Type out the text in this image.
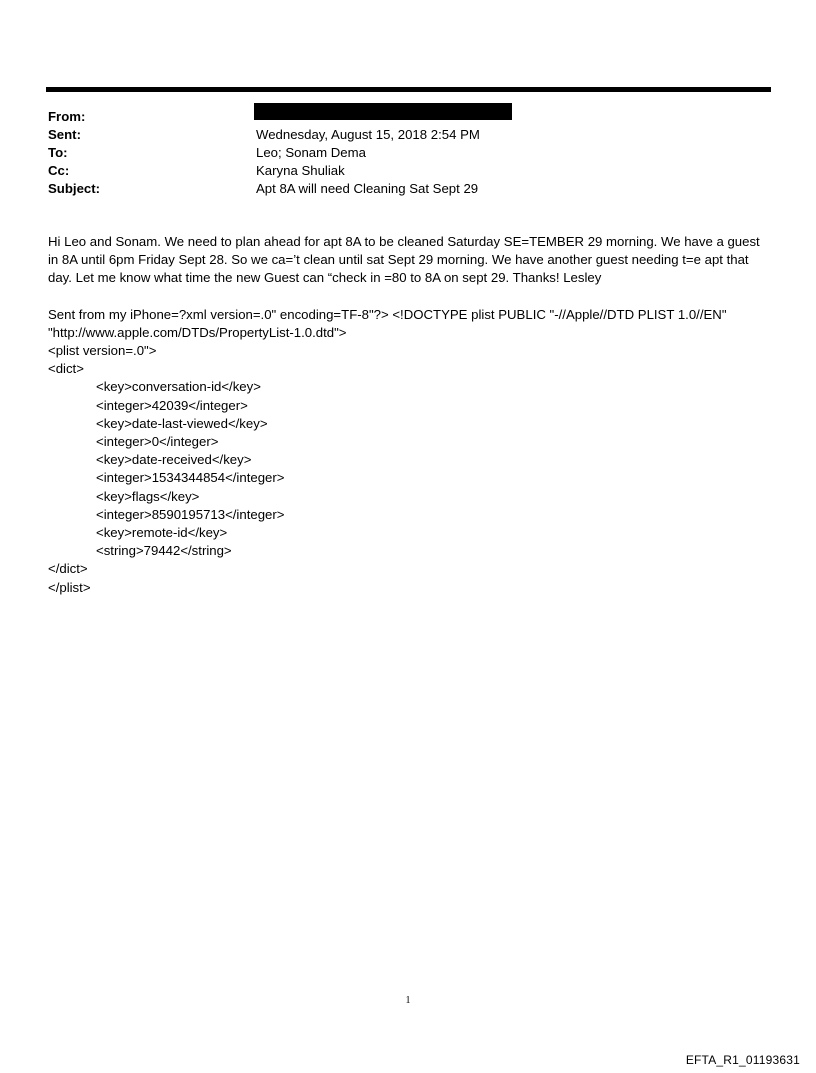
From:
Sent:	Wednesday, August 15, 2018 2:54 PM
To:	Leo; Sonam Dema
Cc:	Karyna Shuliak
Subject:	Apt 8A will need Cleaning Sat Sept 29

Hi Leo and Sonam. We need to plan ahead for apt 8A to be cleaned Saturday SE=TEMBER 29 morning. We have a guest

in 8A until 6pm Friday Sept 28. So we ca=’t clean until sat Sept 29 morning. We have another guest needing t=e apt that

day. Let me know what time the new Guest can “check in =80 to 8A on sept 29. Thanks! Lesley

Sent from my iPhone=?xml version=.0" encoding=TF-8"?> <!DOCTYPE plist PUBLIC "-//Apple//DTD PLIST 1.0//EN"

"http://www.apple.com/DTDs/PropertyList-1.0.dtd">

<plist version=.0">
<dict>
<key>conversation-id</key>
<integer>42039</integer>
<key>date-last-viewed</key>
<integer>0</integer>
<key>date-received</key>
<integer>1534344854</integer>
<key>flags</key>
<integer>8590195713</integer>
<key>remote-id</key>
<string>79442</string>
</dict>
</plist>
1
EFTA_R1_01193631
